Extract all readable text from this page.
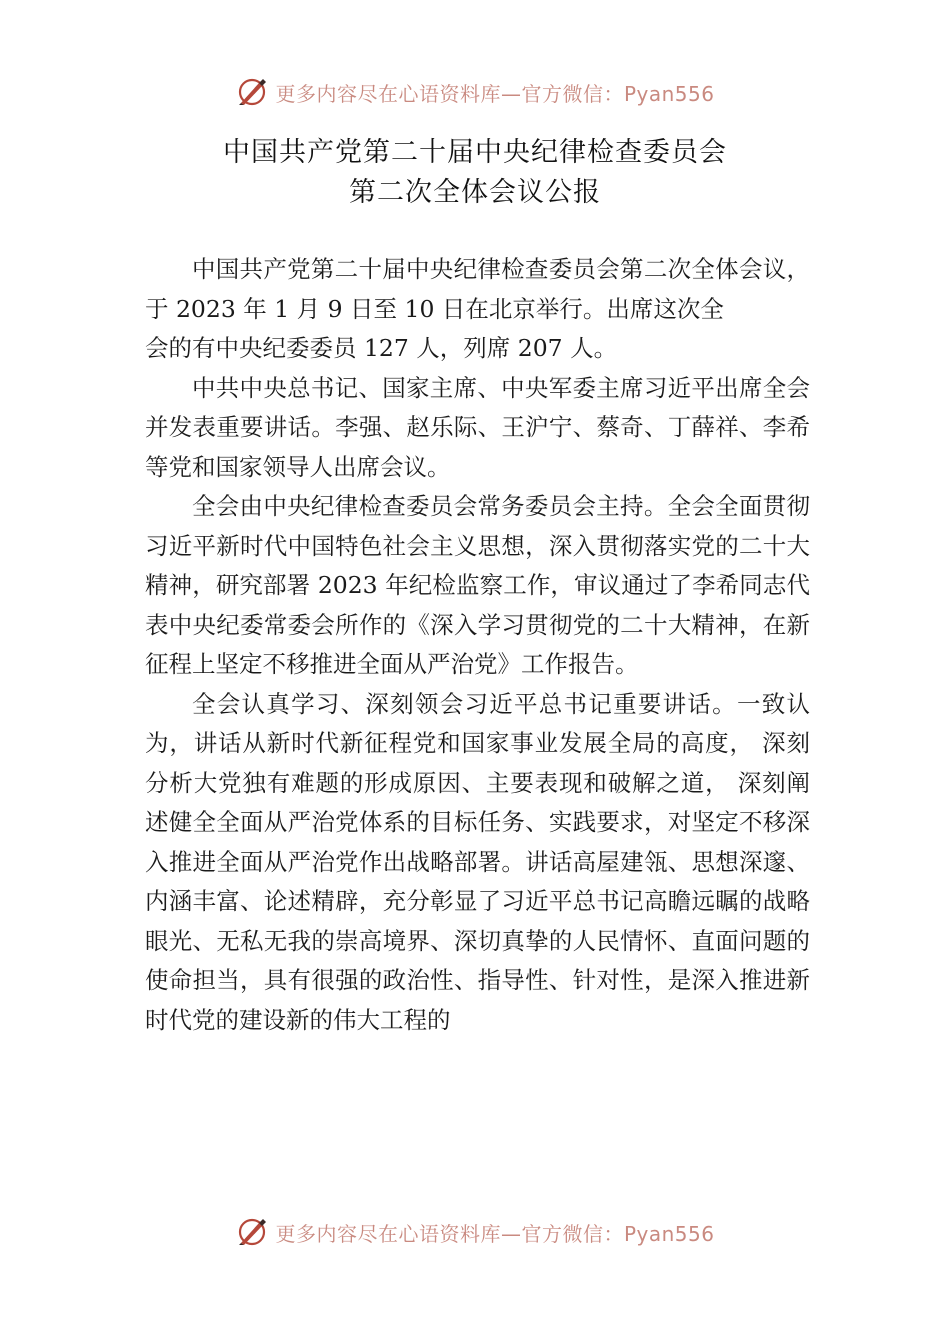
更多内容尽在心语资料库—官方微信：Pyan556
中国共产党第二十届中央纪律检查委员会
第二次全体会议公报

中国共产党第二十届中央纪律检查委员会第二次全体会议，于 2023 年 1 月 9 日至 10 日在北京举行。出席这次全

会的有中央纪委委员 127 人，列席 207 人。

中共中央总书记、国家主席、中央军委主席习近平出席全会并发表重要讲话。李强、赵乐际、王沪宁、蔡奇、丁薛祥、李希等党和国家领导人出席会议。

全会由中央纪律检查委员会常务委员会主持。全会全面贯彻习近平新时代中国特色社会主义思想，深入贯彻落实党的二十大精神，研究部署 2023 年纪检监察工作，审议通过了李希同志代表中央纪委常委会所作的《深入学习贯彻党的二十大精神，在新征程上坚定不移推进全面从严治党》工作报告。

全会认真学习、深刻领会习近平总书记重要讲话。一致认为，讲话从新时代新征程党和国家事业发展全局的高度， 深刻分析大党独有难题的形成原因、主要表现和破解之道， 深刻阐述健全全面从严治党体系的目标任务、实践要求，对坚定不移深入推进全面从严治党作出战略部署。讲话高屋建瓴、思想深邃、内涵丰富、论述精辟，充分彰显了习近平总书记高瞻远瞩的战略眼光、无私无我的崇高境界、深切真挚的人民情怀、直面问题的使命担当，具有很强的政治性、指导性、针对性，是深入推进新时代党的建设新的伟大工程的

更多内容尽在心语资料库—官方微信：Pyan556
